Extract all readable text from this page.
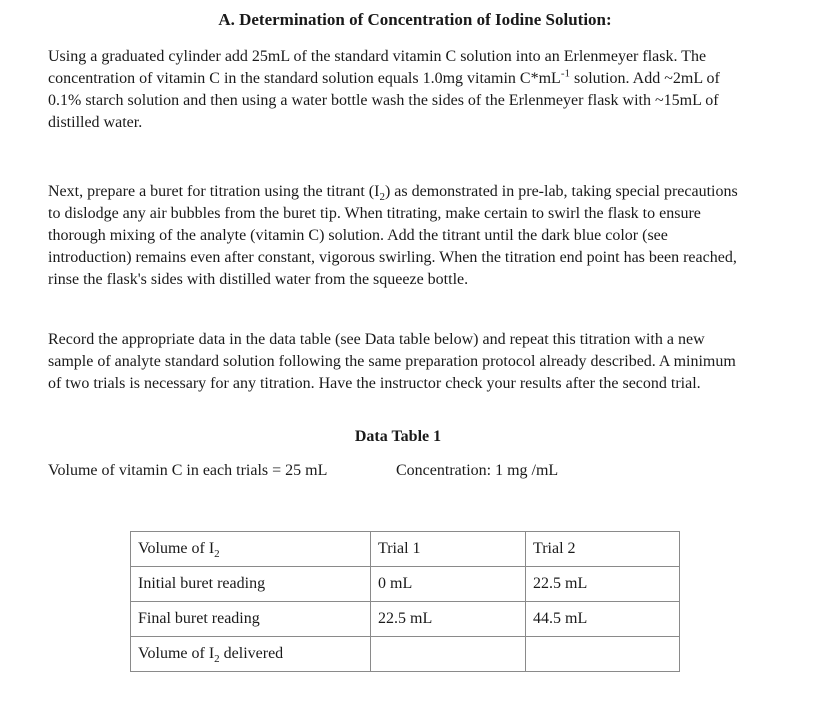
A. Determination of Concentration of Iodine Solution:

Using a graduated cylinder add 25mL of the standard vitamin C solution into an Erlenmeyer flask. The concentration of vitamin C in the standard solution equals 1.0mg vitamin $C*mL^{-1}$ solution. Add ~2mL of 0.1% starch solution and then using a water bottle wash the sides of the Erlenmeyer flask with ~15mL of distilled water.

Next, prepare a buret for titration using the titrant $(I_2)$ as demonstrated in pre-lab, taking special precautions to dislodge any air bubbles from the buret tip. When titrating, make certain to swirl the flask to ensure thorough mixing of the analyte (vitamin C) solution. Add the titrant until the dark blue color (see introduction) remains even after constant, vigorous swirling. When the titration end point has been reached, rinse the flask's sides with distilled water from the squeeze bottle.

Record the appropriate data in the data table (see Data table below) and repeat this titration with a new sample of analyte standard solution following the same preparation protocol already described. A minimum of two trials is necessary for any titration. Have the instructor check your results after the second trial.

Data Table 1
Volume of vitamin C in each trials = 25 mL	Concentration: 1 mg /mL
Volume of $I_2$	Trial 1	Trial 2
Initial buret reading	0 mL	22.5 mL
Final buret reading	22.5 mL	44.5 mL
Volume of $I_2$ delivered		
